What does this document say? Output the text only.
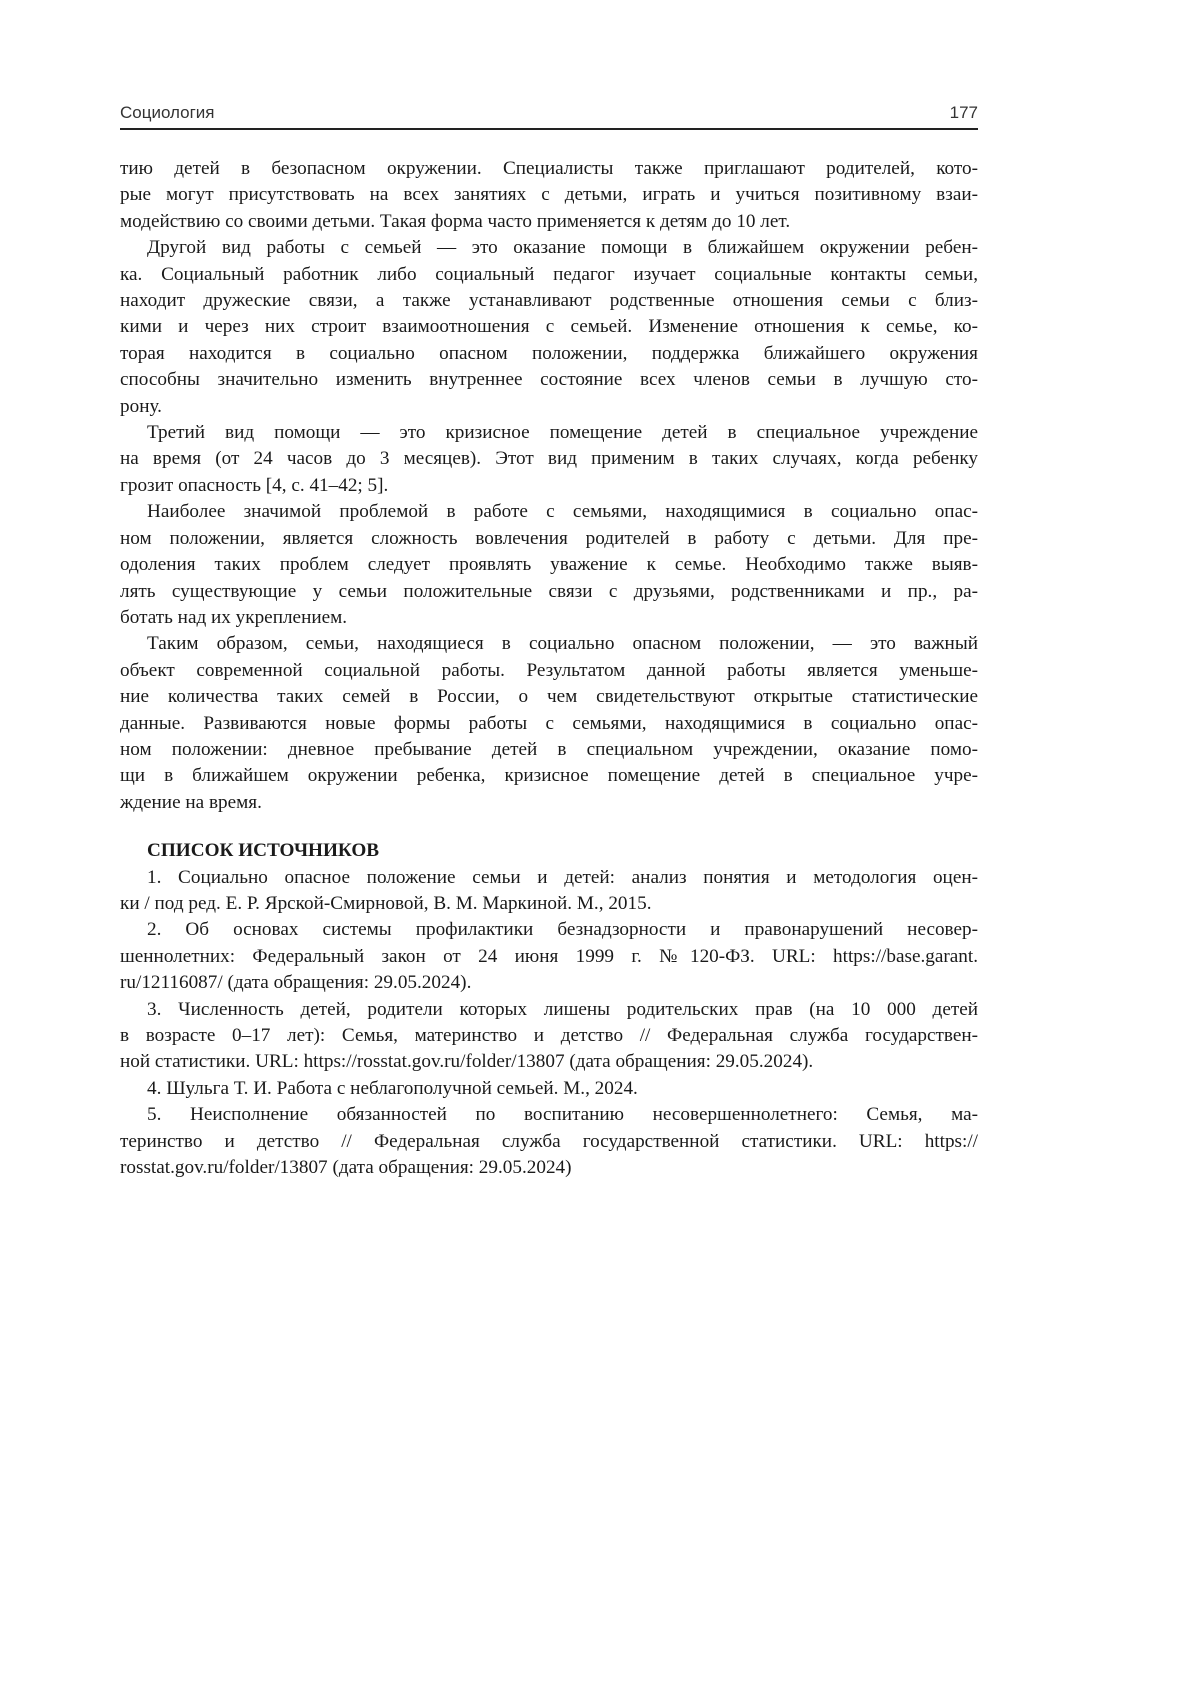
Социология	177
тию детей в безопасном окружении. Специалисты также приглашают родителей, кото-
рые могут присутствовать на всех занятиях с детьми, играть и учиться позитивному взаи-
модействию со своими детьми. Такая форма часто применяется к детям до 10 лет.
Другой вид работы с семьей — это оказание помощи в ближайшем окружении ребен-
ка. Социальный работник либо социальный педагог изучает социальные контакты семьи,
находит дружеские связи, а также устанавливают родственные отношения семьи с близ-
кими и через них строит взаимоотношения с семьей. Изменение отношения к семье, ко-
торая находится в социально опасном положении, поддержка ближайшего окружения
способны значительно изменить внутреннее состояние всех членов семьи в лучшую сто-
рону.
Третий вид помощи — это кризисное помещение детей в специальное учреждение
на время (от 24 часов до 3 месяцев). Этот вид применим в таких случаях, когда ребенку
грозит опасность [4, с. 41–42; 5].
Наиболее значимой проблемой в работе с семьями, находящимися в социально опас-
ном положении, является сложность вовлечения родителей в работу с детьми. Для пре-
одоления таких проблем следует проявлять уважение к семье. Необходимо также выяв-
лять существующие у семьи положительные связи с друзьями, родственниками и пр., ра-
ботать над их укреплением.
Таким образом, семьи, находящиеся в социально опасном положении, — это важный
объект современной социальной работы. Результатом данной работы является уменьше-
ние количества таких семей в России, о чем свидетельствуют открытые статистические
данные. Развиваются новые формы работы с семьями, находящимися в социально опас-
ном положении: дневное пребывание детей в специальном учреждении, оказание помо-
щи в ближайшем окружении ребенка, кризисное помещение детей в специальное учре-
ждение на время.
СПИСОК ИСТОЧНИКОВ
1. Социально опасное положение семьи и детей: анализ понятия и методология оцен-
ки / под ред. Е. Р. Ярской-Смирновой, В. М. Маркиной. М., 2015.
2. Об основах системы профилактики безнадзорности и правонарушений несовер-
шеннолетних: Федеральный закон от 24 июня 1999 г. №120-ФЗ. URL: https://base.garant.
ru/12116087/ (дата обращения: 29.05.2024).
3. Численность детей, родители которых лишены родительских прав (на 10 000 детей
в возрасте 0–17 лет): Семья, материнство и детство // Федеральная служба государствен-
ной статистики. URL: https://rosstat.gov.ru/folder/13807 (дата обращения: 29.05.2024).
4. Шульга Т. И. Работа с неблагополучной семьей. М., 2024.
5. Неисполнение обязанностей по воспитанию несовершеннолетнего: Семья, ма-
теринство и детство // Федеральная служба государственной статистики. URL: https://
rosstat.gov.ru/folder/13807 (дата обращения: 29.05.2024)
